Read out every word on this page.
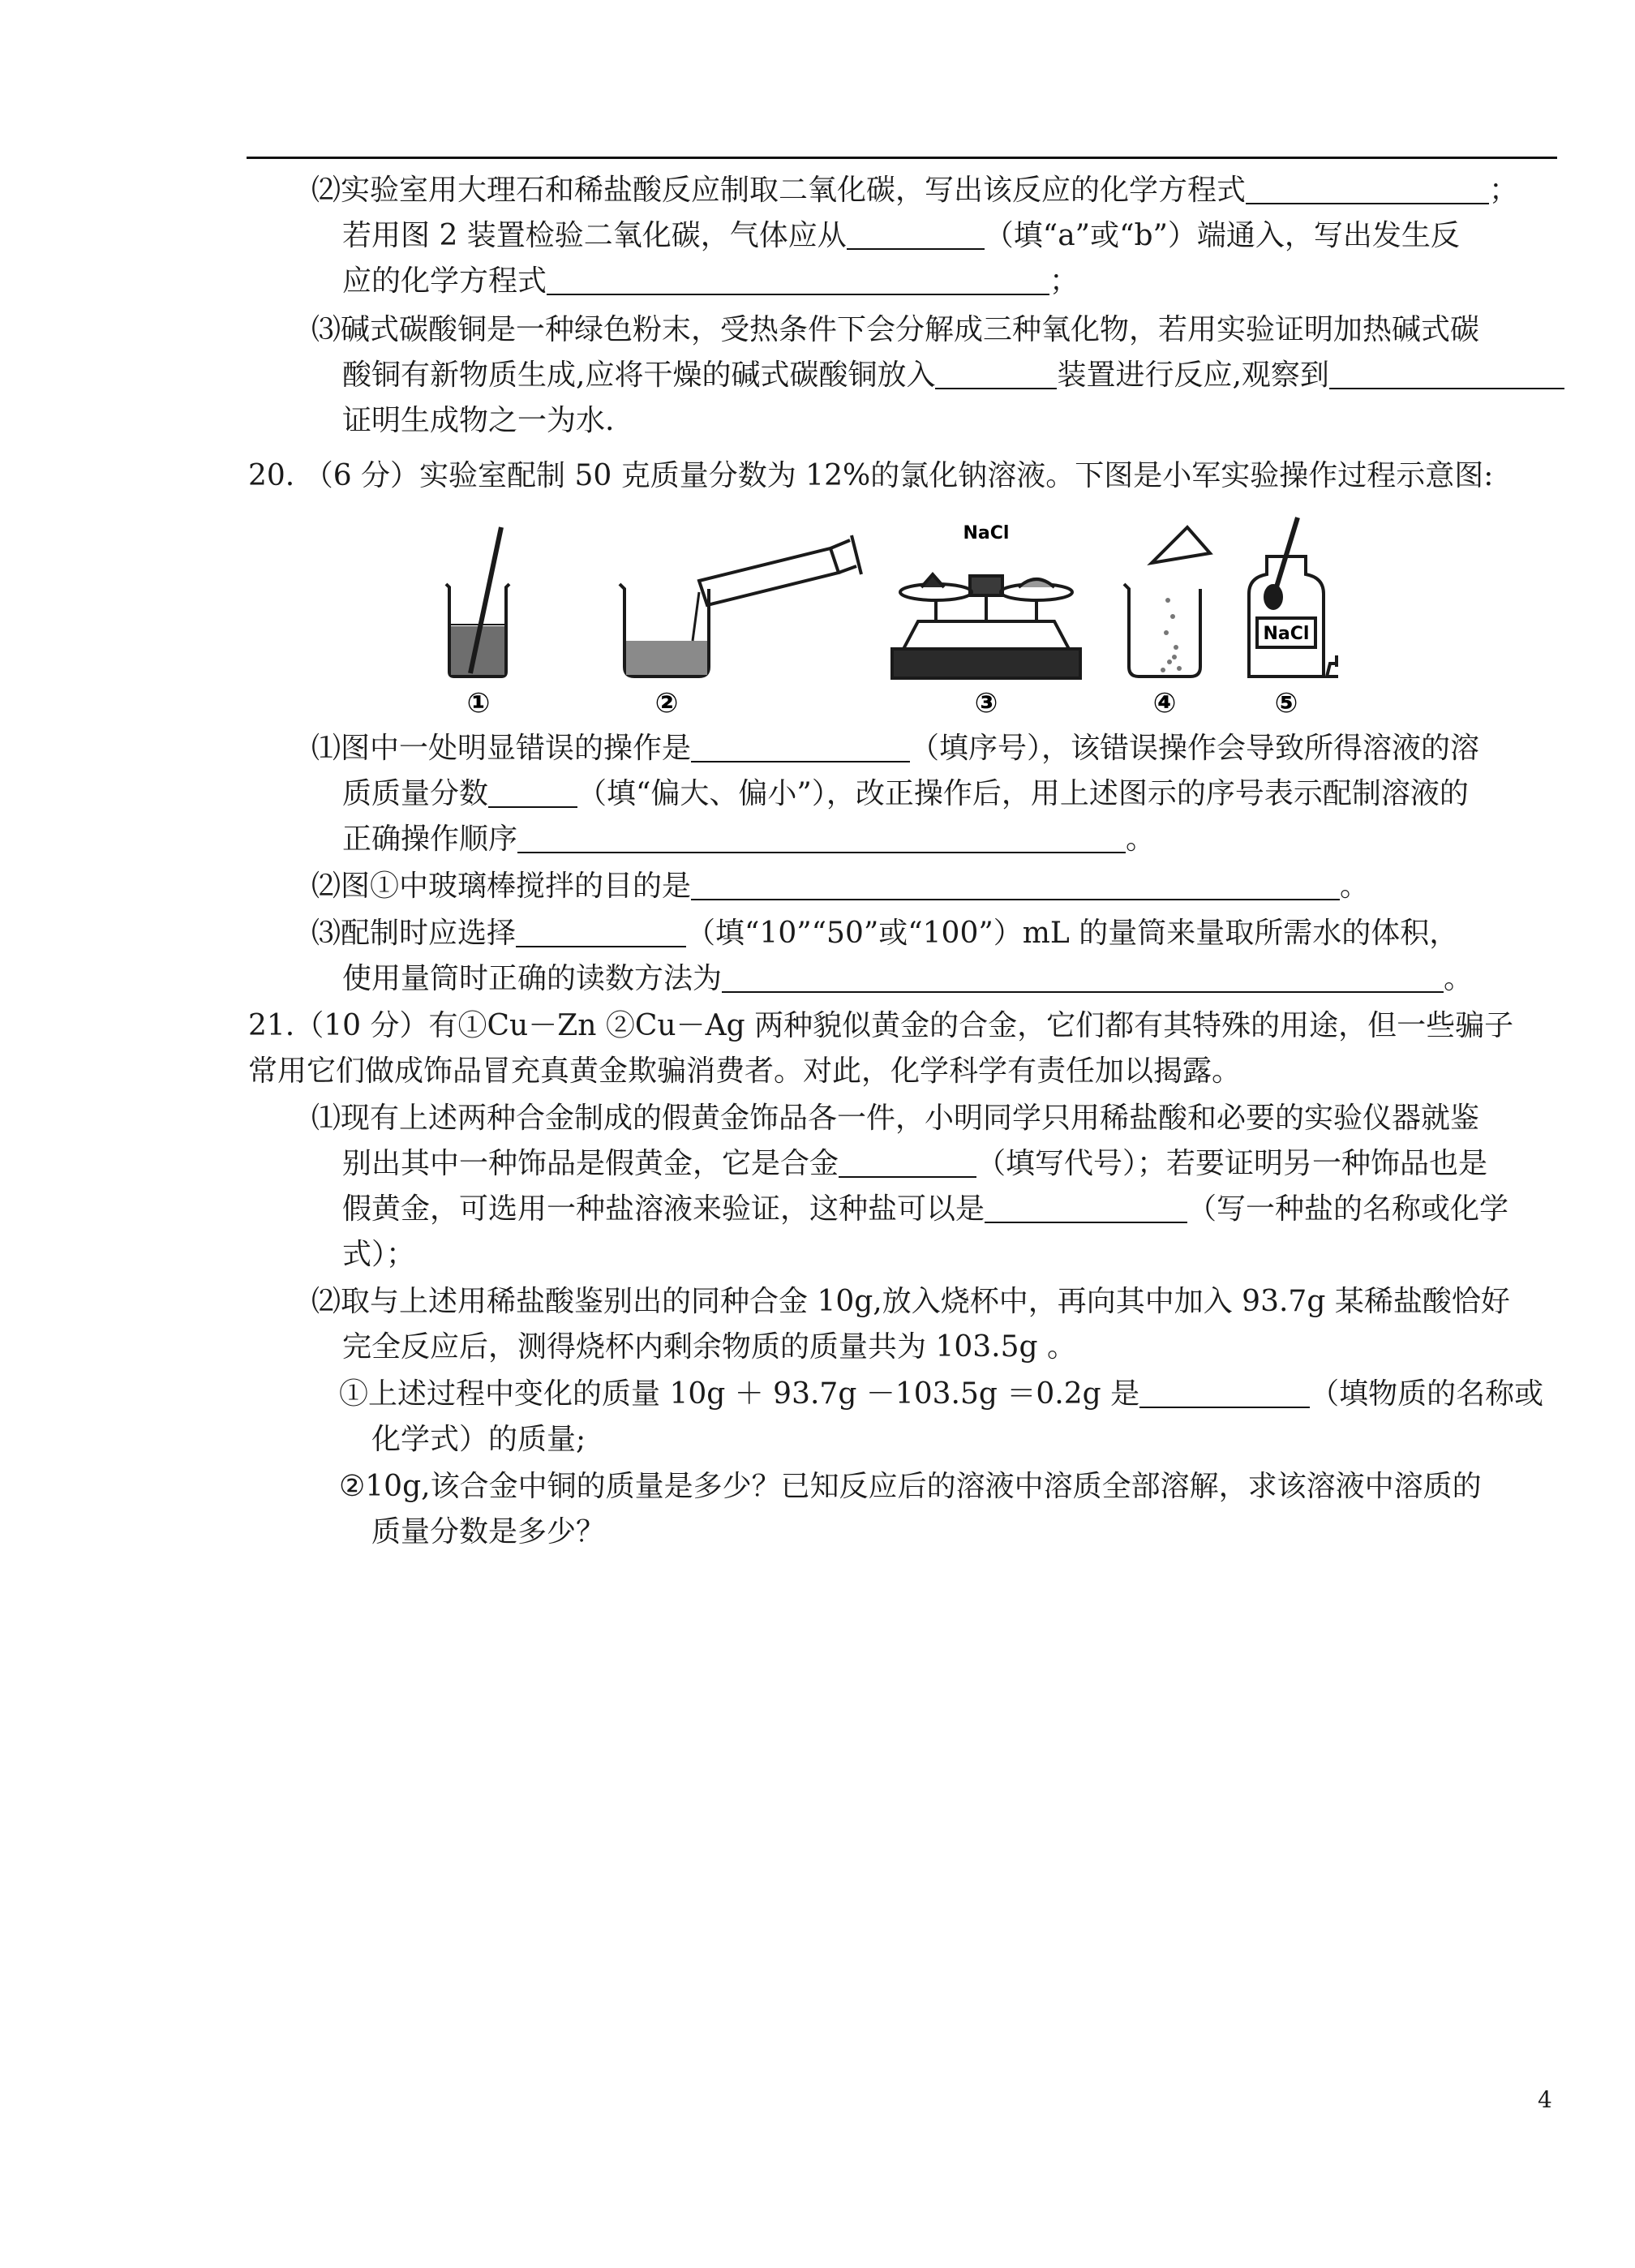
⑵实验室用大理石和稀盐酸反应制取二氧化碳，写出该反应的化学方程式	；
若用图 2 装置检验二氧化碳，气体应从	（填“a”或“b”）端通入，写出发生反
应的化学方程式	；
⑶碱式碳酸铜是一种绿色粉末，受热条件下会分解成三种氧化物，若用实验证明加热碱式碳
酸铜有新物质生成,应将干燥的碱式碳酸铜放入	装置进行反应,观察到
证明生成物之一为水.
20. （6 分）实验室配制 50 克质量分数为 12%的氯化钠溶液。下图是小军实验操作过程示意图:
NaCl
NaCl
①	②	③	④	⑤
⑴图中一处明显错误的操作是	（填序号），该错误操作会导致所得溶液的溶
质质量分数	（填“偏大、偏小”），改正操作后，用上述图示的序号表示配制溶液的
正确操作顺序	。
⑵图①中玻璃棒搅拌的目的是	。
⑶配制时应选择	（填“10”“50”或“100”）mL 的量筒来量取所需水的体积，
使用量筒时正确的读数方法为	。
21.（10 分）有①Cu－Zn ②Cu－Ag 两种貌似黄金的合金，它们都有其特殊的用途，但一些骗子
常用它们做成饰品冒充真黄金欺骗消费者。对此，化学科学有责任加以揭露。
⑴现有上述两种合金制成的假黄金饰品各一件，小明同学只用稀盐酸和必要的实验仪器就鉴
别出其中一种饰品是假黄金，它是合金	（填写代号）；若要证明另一种饰品也是
假黄金，可选用一种盐溶液来验证，这种盐可以是	（写一种盐的名称或化学
式）；
⑵取与上述用稀盐酸鉴别出的同种合金 10g,放入烧杯中，再向其中加入 93.7g 某稀盐酸恰好
完全反应后，测得烧杯内剩余物质的质量共为 103.5g 。
①上述过程中变化的质量 10g ＋ 93.7g －103.5g ＝0.2g 是	（填物质的名称或
化学式）的质量;
②10g,该合金中铜的质量是多少？已知反应后的溶液中溶质全部溶解，求该溶液中溶质的
质量分数是多少？
4
